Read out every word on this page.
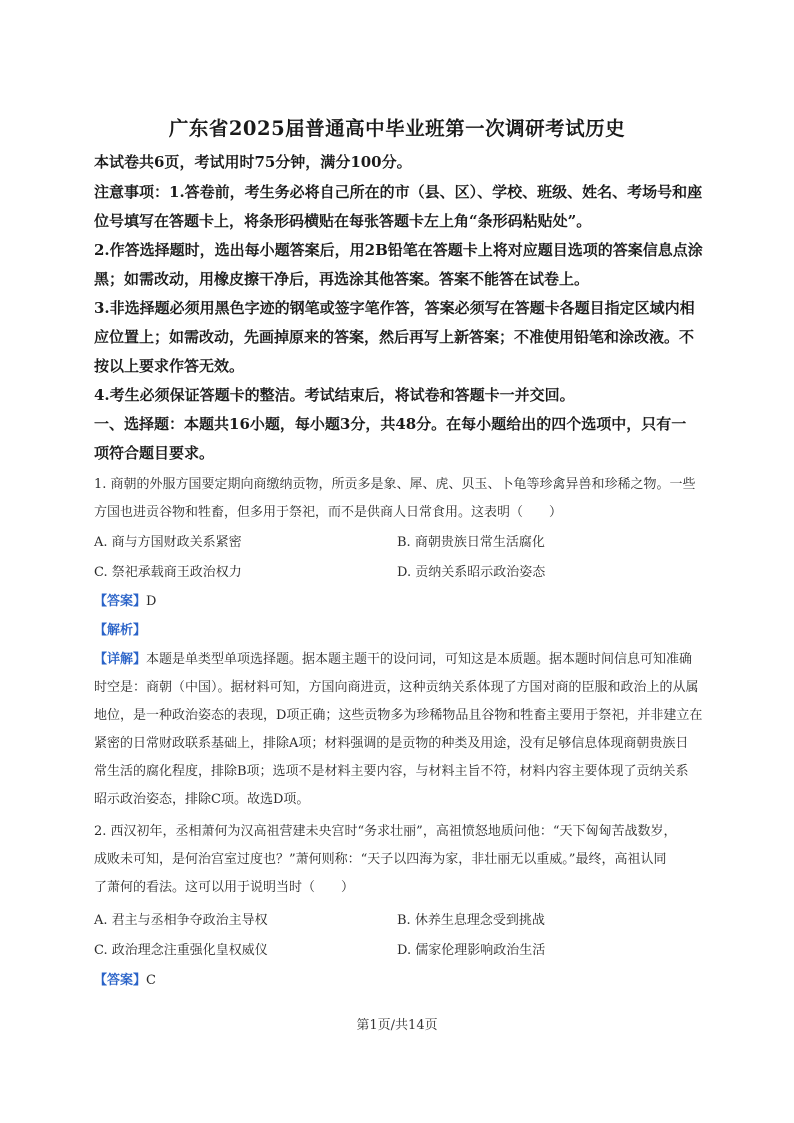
广东省2025届普通高中毕业班第一次调研考试历史
本试卷共6页，考试用时75分钟，满分100分。
注意事项：1.答卷前，考生务必将自己所在的市（县、区）、学校、班级、姓名、考场号和座
位号填写在答题卡上，将条形码横贴在每张答题卡左上角“条形码粘贴处”。
2.作答选择题时，选出每小题答案后，用2B铅笔在答题卡上将对应题目选项的答案信息点涂
黑；如需改动，用橡皮擦干净后，再选涂其他答案。答案不能答在试卷上。
3.非选择题必须用黑色字迹的钢笔或签字笔作答，答案必须写在答题卡各题目指定区域内相
应位置上；如需改动，先画掉原来的答案，然后再写上新答案；不准使用铅笔和涂改液。不
按以上要求作答无效。
4.考生必须保证答题卡的整洁。考试结束后，将试卷和答题卡一并交回。
一、选择题：本题共16小题，每小题3分，共48分。在每小题给出的四个选项中，只有一
项符合题目要求。
1. 商朝的外服方国要定期向商缴纳贡物，所贡多是象、犀、虎、贝玉、卜龟等珍禽异兽和珍稀之物。一些
方国也进贡谷物和牲畜，但多用于祭祀，而不是供商人日常食用。这表明（　　）
A. 商与方国财政关系紧密	B. 商朝贵族日常生活腐化
C. 祭祀承载商王政治权力	D. 贡纳关系昭示政治姿态
【答案】D
【解析】
【详解】本题是单类型单项选择题。据本题主题干的设问词，可知这是本质题。据本题时间信息可知准确
时空是：商朝（中国）。据材料可知，方国向商进贡，这种贡纳关系体现了方国对商的臣服和政治上的从属
地位，是一种政治姿态的表现，D项正确；这些贡物多为珍稀物品且谷物和牲畜主要用于祭祀，并非建立在
紧密的日常财政联系基础上，排除A项；材料强调的是贡物的种类及用途，没有足够信息体现商朝贵族日
常生活的腐化程度，排除B项；选项不是材料主要内容，与材料主旨不符，材料内容主要体现了贡纳关系
昭示政治姿态，排除C项。故选D项。
2. 西汉初年，丞相萧何为汉高祖营建未央宫时“务求壮丽”，高祖愤怒地质问他：“天下匈匈苦战数岁，
成败未可知，是何治宫室过度也？”萧何则称：“天子以四海为家，非壮丽无以重威。”最终，高祖认同
了萧何的看法。这可以用于说明当时（　　）
A. 君主与丞相争夺政治主导权	B. 休养生息理念受到挑战
C. 政治理念注重强化皇权威仪	D. 儒家伦理影响政治生活
【答案】C
第1页/共14页
